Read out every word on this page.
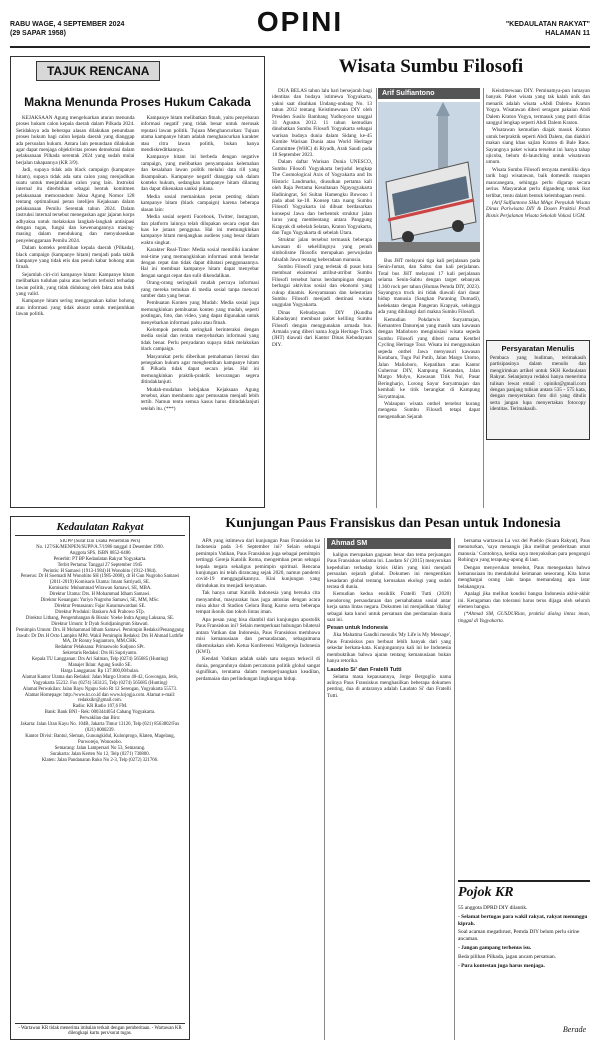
RABU WAGE, 4 SEPTEMBER 2024
(29 SAPAR 1958)	OPINI	"KEDAULATAN RAKYAT"
HALAMAN 11
TAJUK RENCANA
Makna Menunda Proses Hukum Cakada
KEJAKSAAN Agung mengeluarkan aturan menunda proses hukum calon kepala daerah dalam Pilkada 2024. Setidaknya ada beberapa alasan dilakukan penundaan proses hukum bagi calon kepala daerah yang dianggap ada persoalan hukum. Antara lain penundaan dilakukan agar dapat menjaga objektivitas proses demokrasi dalam pelaksanaan Pilkada serentak 2024 yang sudah mulai berjalan tahapannya (KR 3/9).
Jadi, supaya tidak ada black campaign (kampanye hitam), supaya tidak ada satu calon yang menjadikan suatu untuk menjatuhkan calon yang lain. Instruksi internal itu diterbitkan sebagai bentuk komitmen pelaksanaan memorandum Jaksa Agung Nomor 128 tentang optimalisasi peran intelijen Kejaksaan dalam pelaksanaan Pemilu Serentak tahun 2024. Dalam instruksi internal tersebut menegaskan agar jajaran korps adhyaksa untuk melakukan langkah-langkah antisipasi dengan tugas, fungsi dan kewenangannya masing-masing dalam mendukung dan menyukseskan penyelenggaraan Pemilu 2024.
Dalam konteks pemilihan kepala daerah (Pilkada), black campaign (kampanye hitam) menjadi pada taktik kampanye yang tidak etis dan penuh kabar bohong atau fitnah.
Sejumlah ciri-ciri kampanye hitam: Kampanye hitam melibatkan tuduhan palsu atau berlum terbukti terhadap lawan politik, yang tidak didukung oleh fakta atau bukti yang valid.
Kampanye hitam sering menggunakan kabar bohong atau informasi yang tidak akurat untuk menjatuhkan lawan politik.
Kampanye hitam melibatkan fitnah, yaitu penyebaran informasi negatif yang tidak benar untuk merusak reputasi lawan politik. Tujuan Menghancurkan: Tujuan utama kampanye hitam adalah menghancurkan karakter atau citra lawan politik, bukan hanya mendiskreditkannya.
Kampanye hitam ini berbeda dengan negative campaign, yang melibatkan penyampaian kelemahan dan kesalahan lawan politik melalui data rill yang disampaikan. Kampanye negatif dianggap sah dalam konteks hukum, sedangkan kampanye hitam dilarang dan dapat dikenakan sanksi pidana.
Media sosial memainkan peran penting dalam kampanye hitam (black campaign) karena beberapa alasan lain:
Media sosial seperti Facebook, Twitter, Instagram, dan platform lainnya telah dilupakan secara cepat dan luas ke jutaan pengguna. Hal ini memungkinkan kampanye hitam menjangkau audiens yang besar dalam waktu singkat.
Karakter Real-Time: Media sosial memiliki karakter real-time yang memungkinkan informasi untuk beredar dengan cepat dan tidak dapat dibatasi penggunaannya. Hal ini membuat kampanye hitam dapat menyebar dengan sangat cepat dan sulit dikendalikan.
Orang-orang seringkali mudah percaya informasi yang mereka temukan di media sosial tanpa mencari sumber data yang benar.
Pembuatan Konten yang Mudah: Media sosial juga memungkinkan pembuatan konten yang mudah, seperti postingan, foto, dan video, yang dapat digunakan untuk menyebarkan informasi palsu atau fitnah.
Kelompok pemuda seringkali berinteraksi dengan media sosial dan rentan menyebarkan informasi yang tidak benar. Perlu penyadaran supaya tidak melakukan black campaign.
Masyarakat perlu diberikan pemahaman literasi dan penegakan hukum agar menghentikan kampanye hitam di Pilkada tidak dapat secara jelas. Hal ini memungkinkan praktik-praktik kecurangan segera ditindaklanjuti.
Mudah-mudahan kebijakan Kejaksaan Agung tersebut, akan membantu agar pemusatan menjadi lebih tertib. Namun tentu semua kasus harus ditindaklanjuti setelah itu. (***)
Wisata Sumbu Filosofi
DUA BELAS tahun lalu hari bersejarah bagi identitas dan budaya istimewa Yogyakarta, yakni saat disahkan Undang-undang No. 13 tahun 2012 tentang Keistimewaan DIY oleh Presiden Susilo Bambang Yudhoyono tanggal 31 Agustus 2012. 11 tahun kemudian dinobatkan Sumbu Filosofi Yogyakarta sebagai warisan budaya dunia dalam Sidang ke-45 Komite Warisan Dunia atau World Heritage Committee (WHC) di Riyadh, Arab Saudi pada 18 September 2023.
Dalam daftar Warisan Dunia UNESCO, Sumbu Filosofi Yogyakarta berjudul lengkap The Cosmological Axis of Yogyakarta and Its Historic Landmarks, diusulkan pertama kali oleh Raja Pertama Kesultanan Ngayogyakarta Hadiningrat, Sri Sultan Hamengku Buwono I pada abad ke-18. Konsep tata ruang Sumbu Filosofi Yogyakarta ini dibuat berdasarkan konsepsi Jawa dan berbentuk struktur jalan lurus yang membentang antara Panggung Krapyak di sebelah Selatan, Kraton Yogyakarta, dan Tugu Yogyakarta di sebelah Utara.
Struktur jalan tersebut termasuk beberapa kawasan di sekelilingnya yang penuh simbolisme filosofis merupakan perwujudan falsafah Jawa tentang keberadaan manusia.
Sumbu Filosofi yang terletak di pusat kota membuat eksistensi atribut-atribut Sumbu Filosofi tersebut harus berdampingan dengan berbagai aktivitas sosial dan ekonomi yang cukup dinamis. Kenyamanan dan kelestarian Sumbu Filosofi menjadi destinasi wisata unggulan Yogyakarta.
Dinas Kebudayaan DIY (Kundha Kabudayan) membuat paket keliling Sumbu Filosofi dengan menggunakan armada bus. Armada yang diberi nama Jogja Heritage Track (JHT) diawali dari Kantor Dinas Kebudayaan DIY.
Arif Sulfiantono
Bus JHT melayani tiga kali perjalanan pada Senin-Jumat, dan Sabtu dan kali perjalanan. Total bus JHT melayani 17 kali perjalanan selama Senin-Sabtu dengan target sebanyak 1.360 rock per tahun (Humas Pemda DIY, 2023). Sayangnya truck ini tidak diawali dari dasar hidup manusia (Sangkan Paraning Dumadi), kedekatan dengan Pangeran Krapyak, sehingga ada yang dihilangi dari makna Sumbu Filosofi.
Kemudian Pokdarwis Suryatmajan, Kemantren Danurejan yang masih satu kawasan dengan Malioboro menginisiasi wisata sepeda Sumbu Filosofi yang diberi nama Kenthel Cycling Heritage Tour. Wisata ini menggunakan sepeda onthel Jawa menyusuri kawasan Kotabaru, Tugu Pal Putih, Jalan Margo Utomo, Jalan Malioboro, Kepatihan atau Kantor Gubernur DIY, Kampung Ketandan, Jalan Margo Mulyo, Kawasan Titik Nol, Pasar Beringharjo, Lorong Sayur Suryatmajan dan kembali ke titik berangkat di Kampung Suryatmajan.
Walaupun wisata onthel tersebut kurang mengena Sumbu Filosofi tetapi dapat mengenalkan Sejarah
Keistimewaan DIY. Peminatnya-pun lumayan banyak. Paket wisata yang tak kalah unik dan menarik adalah wisata «Abdi Dalem» Kraton Yogya. Wisatawan diberi seragam pakaian Abdi Dalem Kraton Yogya, termasuk yang putri dirias sanggul lengkap seperti Abdi Dalem Kraton.
Wisatawan kemudian diajak masuk Kraton untuk berpraktik seperti Abdi Dalem, dan diakhiri makan siang khas sajian Kraton di Bale Raos. Sayangnya paket wisata tersebut ini hanya tahap ujicoba, belum di-launching untuk wisatawan umum.
Wisata Sumbu Filosofi ternyata memiliki daya tarik bagi wisatawan, baik domestik maupun mancanegara, sehingga perlu digarap secara serius. Masyarakat perlu digandeng untuk ikut terlibat, tentu dalam bentuk kelembagaan resmi.
(Arif Sulfiantono SHut MAgr. Penyuluh Wisata Dinas Pariwisata DIY & Dosen Praktisi Prodi Bisnis Perjalanan Wisata Sekolah Vokasi UGM.
Persyaratan Menulis
Pembaca yang budiman, terimakasih partisipasinya dalam menulis dan mengirimkan artikel untuk SKH Kedaulatan Rakyat. Selanjutnya redaksi hanya menerima tulisan lewat email : opinikr@gmail.com dengan panjang tulisan antara 535 - 575 kata, dengan menyertakan foto diri yang ditulis serta jangan lupa menyertakan fotocopy identitas. Terimakasih.
Kedaulatan Rakyat
SIUPP (Surat Izin Usaha Penerbitan Pers)
No. 127/SK/MENPEN/SUPP/A.7/1986 tanggal 4 Desember 1990.
Anggota SPS. ISBN 0852-6486
Penerbit: PT BP Kedaulatan Rakyat Yogyakarta.
Terbit Pertama: Tanggal 27 September 1945
Perintis: H Samawi (1913-1984) H Wonohito (1912-1984).
Penerus: Dr H Soemadi M Wonohito SH (1985-2008), dr H Gun Nugroho Samawi (2011-2019) Komisaris Utama: Imam Satriyadi, SE.
Komisaris: Muhammad Wirawan Samawi, SE, MBA.
Direktur Utama: Drs. H Mohammad Idham Samawi.
Direktur Keuangan: Yuriyo Nugroho Samawi, SE, MM, MSc.
Direktur Pemasaran: Fajar Kusumawardani SE.
Direktur Produksi: Baskoro Adi Prabowo STp.
Direktur Litbang, Pengembangan & Bisnis: Yoeke Indra Agung Laksana, SE.
Direktur Umum: Ir Dyah Suridjaningrum Sitawati.
Pemimpin Umum: Drs. H Mohammad Idham Samawi. Pemimpin Redaksi/Penanggung Jawab: Dr Drs H Octo Lampito MPd. Wakil Pemimpin Redaksi: Drs H Ahmad Luthfie MA, Dr Ronny Sugiantoro, MM.CHK.
Redaktur Pelaksana: Primaswolo Sudjono SPt.
Sekretaris Redaksi: Drs Hi Supriyanto.
Kepala TU Langganan: Drs Ari Salman, Telp (0274) 565685 (Hunting)
Manajer Iklan: Agung Susilo SE.
Harga Langganan: Rp 137.000,00/bulan.
Alamat Kantor Utama dan Redaksi: Jalan Margo Utomo 40-42, Gowongan, Jetis, Yogyakarta 55232. Fax (0274) 563125, Telp (0274) 565685 (Hunting)
Alamat Perwakilan: Jalan Bayu Ngupu Solo Rt 12 Serengan, Yogyakarta 55573.
Alamat Homepage: http://www.kr.co.id dan www.krjogja.com. Alamat e-mail: redaksikr@gmail.com.
Radio: KR Radio 107,6 FM.
Bank: Bank BNI - Rek: 0003444054 Cabang Yogyakarta.
Perwakilan dan Biro:
Jakarta: Jalan Utan Kayu No. 104B, Jakarta Timur 13120, Telp (021) 8563802/Fax (021) 8000239.
Kantor Divisi: Bantul, Sleman, Gunungkidul, Kulonprogo, Klaten, Magelang, Purworejo, Wonosobo.
Semarang: Jalan Lampersari No 53, Semarang.
Surakarta: Jalan Kerten No 12, Telp (0271) 730800.
Klaten: Jalan Pandanaran Ruko No 2-3, Telp (0272) 321766.
- Wartawan KR tidak menerima imbalan terkait dengan pemberitaan. - Wartawan KR dilengkapi kartu pers/surat tugas.
Kunjungan Paus Fransiskus dan Pesan untuk Indonesia
APA yang istimewa dari kunjungan Paus Fransiskus ke Indonesia pada 3-6 September ini? Selain sebagai pemimpin Vatikan, Paus Fransiskus juga sebagai pemimpin tertinggi Gereja Katolik Roma, mengemban peran sebagai kepala negara sekaligus pemimpin spiritual. Rencana kunjungan ini telah dirancang sejak 2020, namun pandemi covid-19 menggagalkannya. Kini kunjungan yang dirindukan itu menjadi kenyataan.
Tak hanya umat Katolik Indonesia yang bersuka cita menyambut, masyarakat luas juga antusias dengan acara misa akbar di Stadion Gelora Bung Karno serta beberapa tempat ikonik dan tokoh lintas iman.
Apa pesan yang bisa diambil dari kunjungan apostolik Paus Fransiskus ini? Selain memperkuat hubungan bilateral antara Vatikan dan Indonesia, Paus Fransiskus membawa misi kemanusiaan dan persaudaraan, sebagaimana dikemukakan oleh Ketua Konferensi Waligereja Indonesia (KWI).
Kendati Vatikan adalah salah satu negara terkecil di dunia, pengaruhnya dalam percaturan politik global sangat signifikan, terutama dalam memperjuangkan keadilan, perdamaian dan perlindungan lingkungan hidup.
Ahmad SM
kaligus merupakan gagasan besar dan tema perjuangan Paus Fransiskus selama ini. Laudato Si' (2015) menyerukan kepedulian terhadap krisis iklim yang kini menjadi persoalan sejarah global. Dokumen ini mengentikan kesadaran global tentang kerusakan ekologi yang sudah terasa di dunia.
Kemudian kedua ensiklik Fratelli Tutti (2020) mendorong persaudaraan dan persahabatan sosial antar kerja sama lintas negara. Dokumen ini menjadikan 'dialog' sebagai kata kunci untuk persatuan dan perdamaian dunia saat ini.
Pesan untuk Indonesia
Jika Mahatma Gandhi menulis 'My Life is My Message', Paus Fransiskus pun berbuat lebih banyak dari yang sekedar berkata-kata. Kunjungannya kali ini ke Indonesia membuktikan bahwa ajaran tentang kemanusiaan bukan hanya retorika.
Laudato Si' dan Fratelli Tutti
Selama masa kepausannya, Jorge Bergoglio nama aslinya Paus Fransiskus menghasilkan beberapa dokumen penting, dua di antaranya adalah Laudato Si' dan Fratelli Tutti.
bersama wartawan La voz del Pueblo (Suara Rakyat), Paus menuturkan, 'saya menangis jika melihat penderitaan umat manusia.' Contohnya, ketika saya menyaksikan para pengungsi Rohingya yang terapung-apung di laut.
Dengan menyerukan tersebut, Paus menegaskan bahwa kemanusiaan itu mendahului keimanan seseorang. Kita harus menghargai orang lain tanpa memandang apa latar belakangnya.
Apalagi jika melihat kondisi bangsa Indonesia akhir-akhir ini. Keragaman dan toleransi harus terus dijaga oleh seluruh elemen bangsa.
(*Ahmad SM, GUSDURian, praktisi dialog lintas iman, tinggal di Yogyakarta.
Pojok KR
55 anggota DPRD DIY dilantik.
- Selamat bertugas para wakil rakyat, rakyat menunggu kiprah.
Soal acaman megathrust, Pemda DIY belum perlu sirine ancaman.
- Jangan gampang terhenus isu.
Beda pilihan Pilkada, jagan ancam persatuan.
- Pura kontestan juga harus menjaga.
Berade
